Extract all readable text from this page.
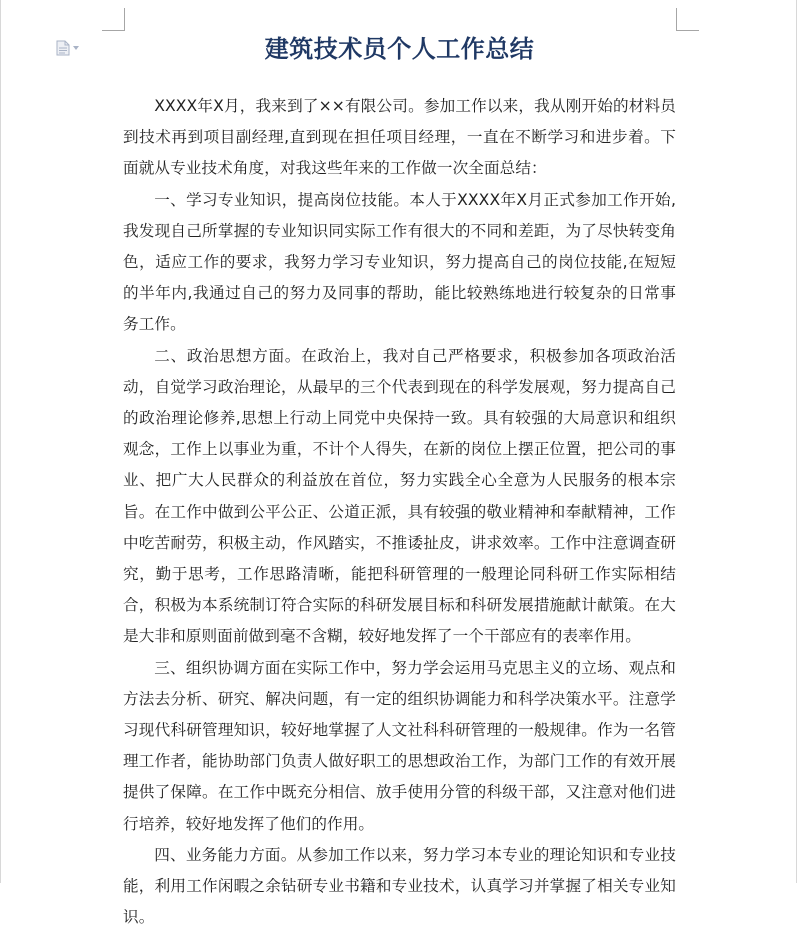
建筑技术员个人工作总结

XXXX年X月，我来到了××有限公司。参加工作以来，我从刚开始的材料员到技术再到项目副经理,直到现在担任项目经理，一直在不断学习和进步着。下面就从专业技术角度，对我这些年来的工作做一次全面总结：

一、学习专业知识，提高岗位技能。本人于XXXX年X月正式参加工作开始,我发现自己所掌握的专业知识同实际工作有很大的不同和差距，为了尽快转变角色，适应工作的要求，我努力学习专业知识，努力提高自己的岗位技能,在短短的半年内,我通过自己的努力及同事的帮助，能比较熟练地进行较复杂的日常事务工作。

二、政治思想方面。在政治上，我对自己严格要求，积极参加各项政治活动，自觉学习政治理论，从最早的三个代表到现在的科学发展观，努力提高自己的政治理论修养,思想上行动上同党中央保持一致。具有较强的大局意识和组织观念，工作上以事业为重，不计个人得失，在新的岗位上摆正位置，把公司的事业、把广大人民群众的利益放在首位，努力实践全心全意为人民服务的根本宗旨。在工作中做到公平公正、公道正派，具有较强的敬业精神和奉献精神，工作中吃苦耐劳，积极主动，作风踏实，不推诿扯皮，讲求效率。工作中注意调查研究，勤于思考，工作思路清晰，能把科研管理的一般理论同科研工作实际相结合，积极为本系统制订符合实际的科研发展目标和科研发展措施献计献策。在大是大非和原则面前做到毫不含糊，较好地发挥了一个干部应有的表率作用。

三、组织协调方面在实际工作中，努力学会运用马克思主义的立场、观点和方法去分析、研究、解决问题，有一定的组织协调能力和科学决策水平。注意学习现代科研管理知识，较好地掌握了人文社科科研管理的一般规律。作为一名管理工作者，能协助部门负责人做好职工的思想政治工作，为部门工作的有效开展提供了保障。在工作中既充分相信、放手使用分管的科级干部，又注意对他们进行培养，较好地发挥了他们的作用。

四、业务能力方面。从参加工作以来，努力学习本专业的理论知识和专业技能，利用工作闲暇之余钻研专业书籍和专业技术，认真学习并掌握了相关专业知识。
